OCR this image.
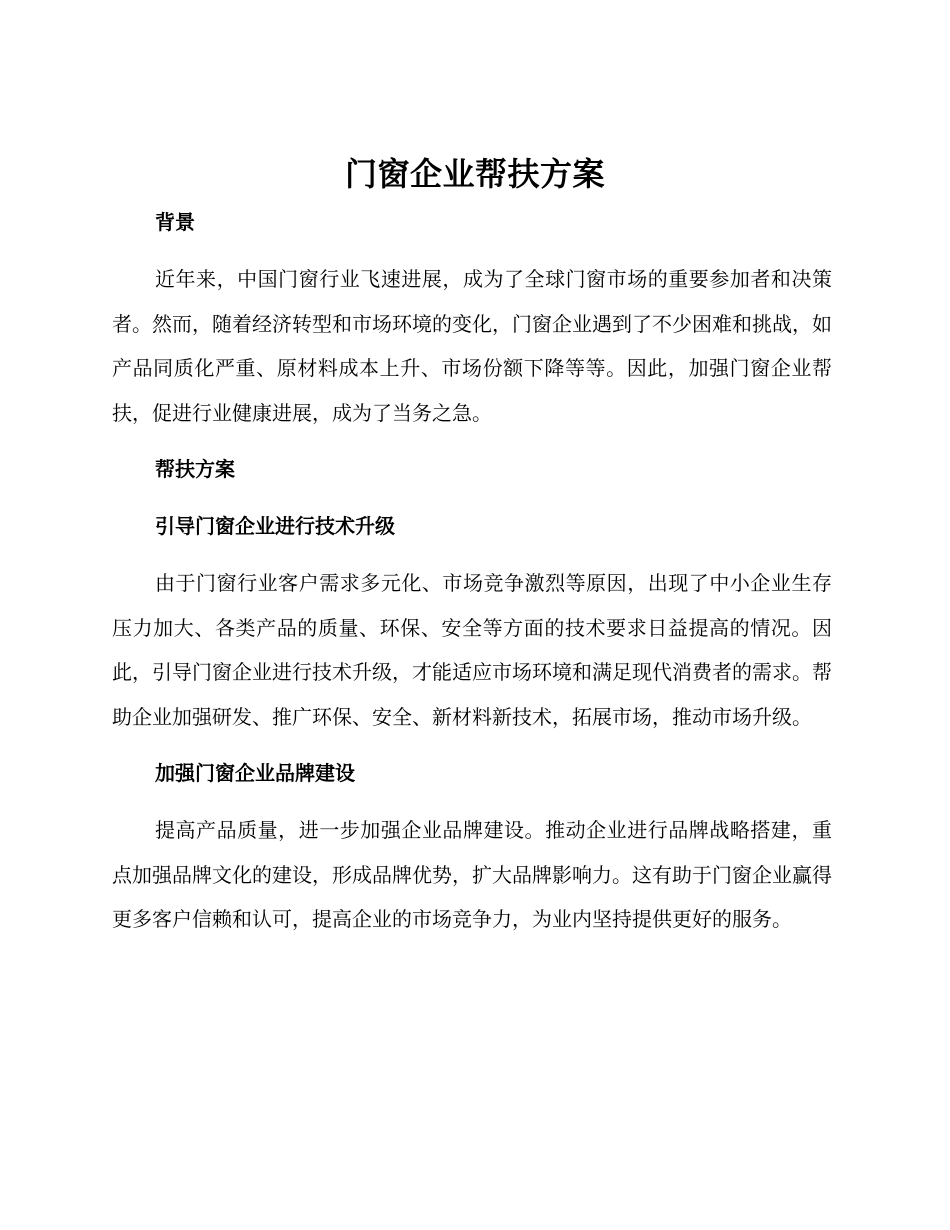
门窗企业帮扶方案

背景

近年来，中国门窗行业飞速进展，成为了全球门窗市场的重要参加者和决策者。然而，随着经济转型和市场环境的变化，门窗企业遇到了不少困难和挑战，如产品同质化严重、原材料成本上升、市场份额下降等等。因此，加强门窗企业帮扶，促进行业健康进展，成为了当务之急。

帮扶方案

引导门窗企业进行技术升级

由于门窗行业客户需求多元化、市场竞争激烈等原因，出现了中小企业生存压力加大、各类产品的质量、环保、安全等方面的技术要求日益提高的情况。因此，引导门窗企业进行技术升级，才能适应市场环境和满足现代消费者的需求。帮助企业加强研发、推广环保、安全、新材料新技术，拓展市场，推动市场升级。

加强门窗企业品牌建设

提高产品质量，进一步加强企业品牌建设。推动企业进行品牌战略搭建，重点加强品牌文化的建设，形成品牌优势，扩大品牌影响力。这有助于门窗企业赢得更多客户信赖和认可，提高企业的市场竞争力，为业内坚持提供更好的服务。
